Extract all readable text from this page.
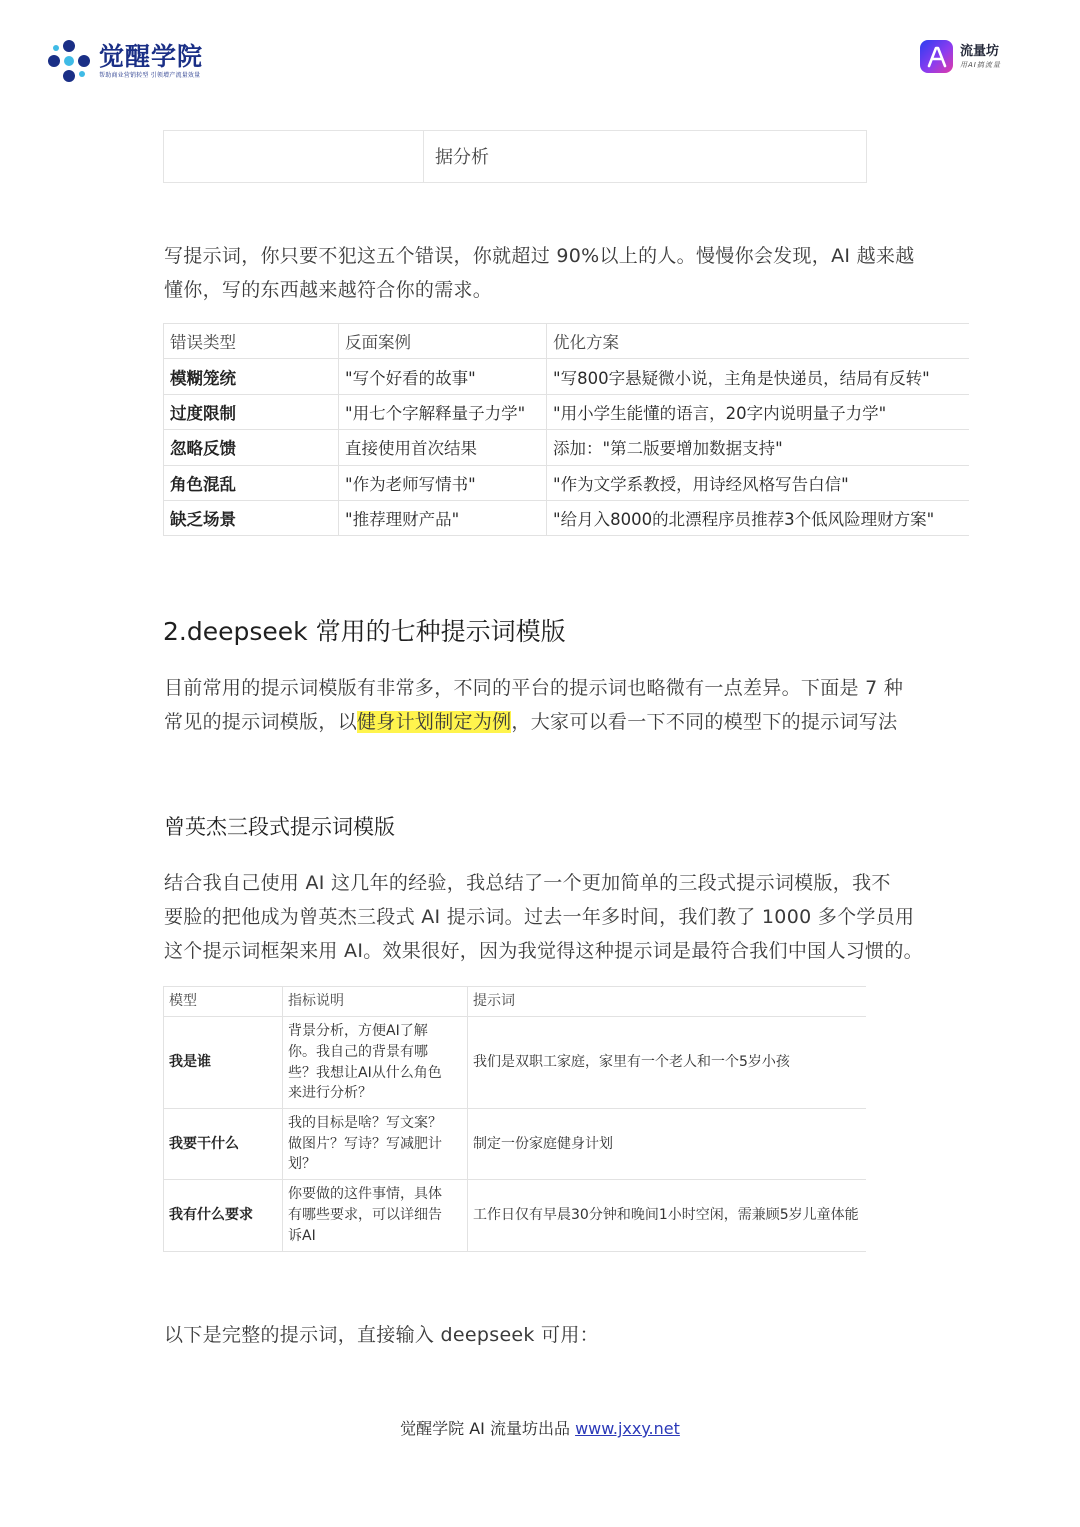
觉醒学院
帮助商业营销转型 引领增产流量效量
流量坊
用AI搞流量
据分析
写提示词，你只要不犯这五个错误，你就超过 90%以上的人。慢慢你会发现，AI 越来越
懂你，写的东西越来越符合你的需求。
错误类型	反面案例	优化方案
模糊笼统	"写个好看的故事"	"写800字悬疑微小说，主角是快递员，结局有反转"
过度限制	"用七个字解释量子力学"	"用小学生能懂的语言，20字内说明量子力学"
忽略反馈	直接使用首次结果	添加："第二版要增加数据支持"
角色混乱	"作为老师写情书"	"作为文学系教授，用诗经风格写告白信"
缺乏场景	"推荐理财产品"	"给月入8000的北漂程序员推荐3个低风险理财方案"
2.deepseek 常用的七种提示词模版
目前常用的提示词模版有非常多，不同的平台的提示词也略微有一点差异。下面是 7 种
常见的提示词模版，以健身计划制定为例，大家可以看一下不同的模型下的提示词写法
曾英杰三段式提示词模版
结合我自己使用 AI 这几年的经验，我总结了一个更加简单的三段式提示词模版，我不
要脸的把他成为曾英杰三段式 AI 提示词。过去一年多时间，我们教了 1000 多个学员用
这个提示词框架来用 AI。效果很好，因为我觉得这种提示词是最符合我们中国人习惯的。
模型	指标说明	提示词
我是谁	背景分析，方便AI了解
你。我自己的背景有哪
些？我想让AI从什么角色
来进行分析？	我们是双职工家庭，家里有一个老人和一个5岁小孩
我要干什么	我的目标是啥？写文案？
做图片？写诗？写减肥计
划？	制定一份家庭健身计划
我有什么要求	你要做的这件事情，具体
有哪些要求，可以详细告
诉AI	工作日仅有早晨30分钟和晚间1小时空闲，需兼顾5岁儿童体能
以下是完整的提示词，直接输入 deepseek 可用：
觉醒学院 AI 流量坊出品 www.jxxy.net
